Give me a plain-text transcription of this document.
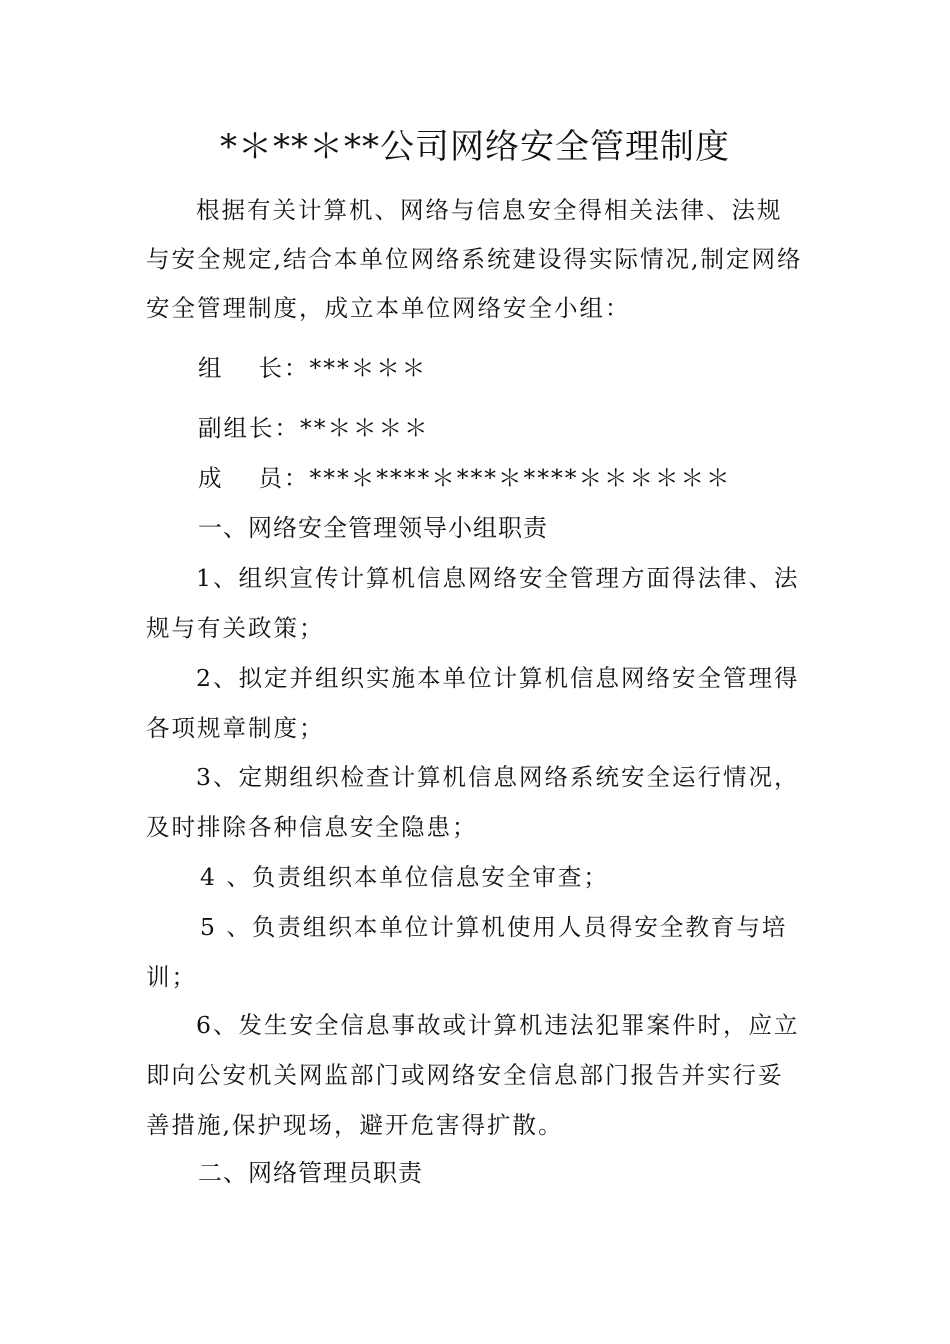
*＊**＊**公司网络安全管理制度
根据有关计算机、网络与信息安全得相关法律、法规与安全规定,结合本单位网络系统建设得实际情况,制定网络安全管理制度，成立本单位网络安全小组：
组　 长：***＊＊＊
副组长：**＊＊＊＊
成　 员：***＊****＊***＊****＊＊＊＊＊＊
一、网络安全管理领导小组职责
1、组织宣传计算机信息网络安全管理方面得法律、法规与有关政策；
2、拟定并组织实施本单位计算机信息网络安全管理得各项规章制度；
3、定期组织检查计算机信息网络系统安全运行情况，及时排除各种信息安全隐患；
4 、负责组织本单位信息安全审查；
5 、负责组织本单位计算机使用人员得安全教育与培训；
6、发生安全信息事故或计算机违法犯罪案件时，应立即向公安机关网监部门或网络安全信息部门报告并实行妥善措施,保护现场，避开危害得扩散。
二、网络管理员职责
